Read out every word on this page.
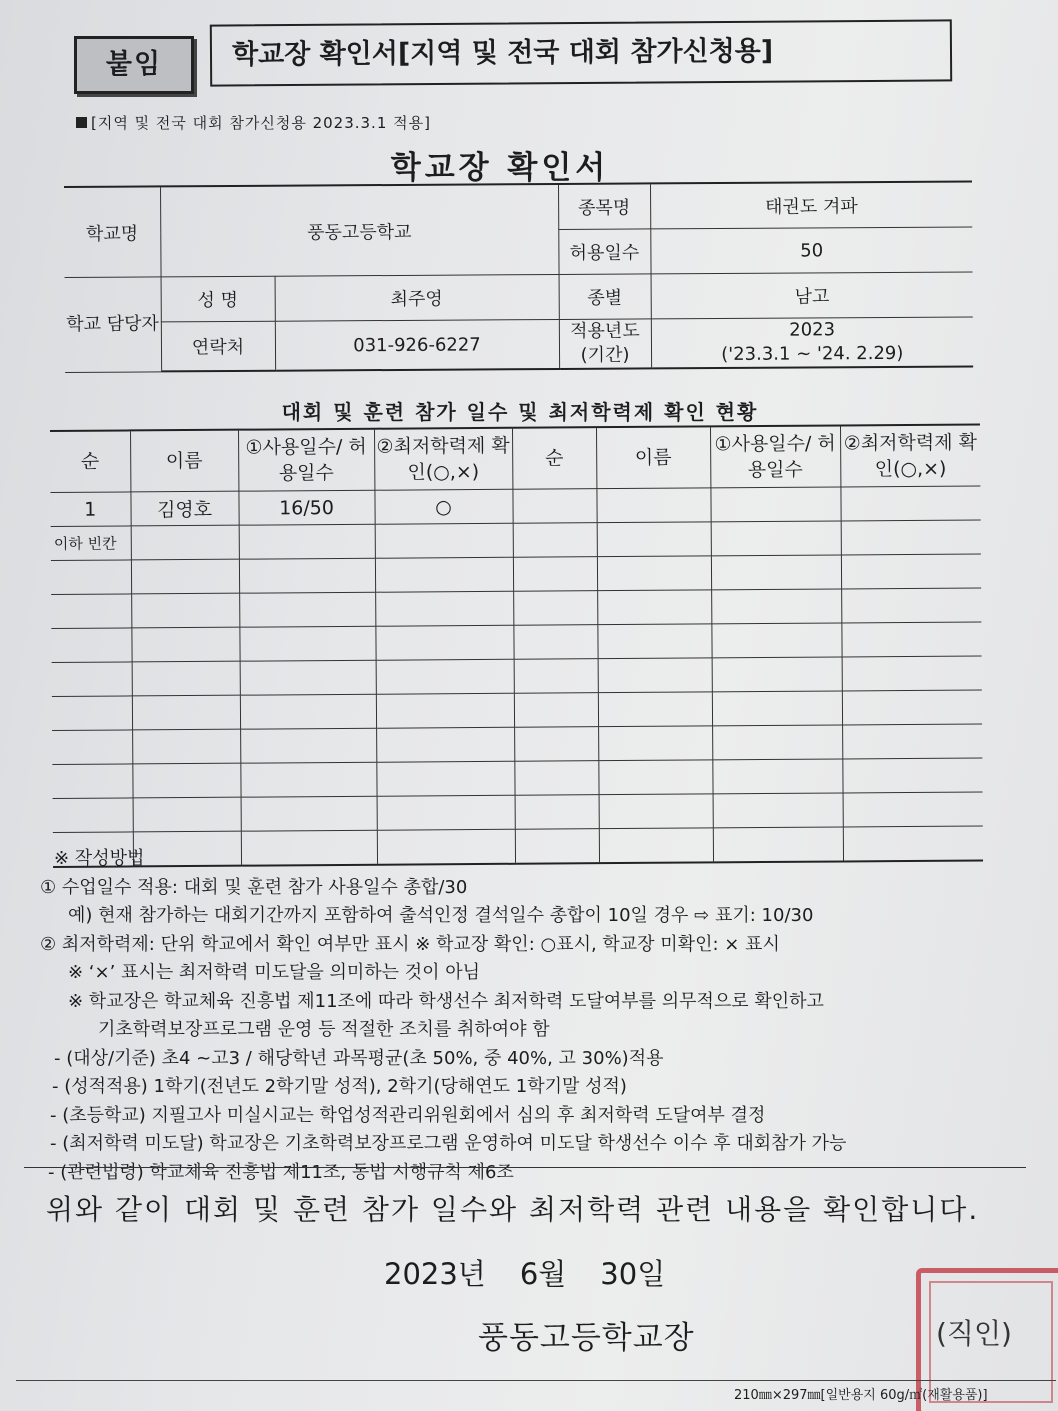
붙임	학교장 확인서[지역 및 전국 대회 참가신청용]
[지역 및 전국 대회 참가신청용 2023.3.1 적용]
학교장 확인서
학교명	풍동고등학교		종목명	태권도 겨파
			허용일수	50
학교 담당자	성 명	최주영	종별	남고
	연락처	031-926-6227	적용년도 (기간)	2023
('23.3.1 ~ '24. 2.29)
대회 및 훈련 참가 일수 및 최저학력제 확인 현황
순	이름	①사용일수/ 허용일수	②최저학력제 확인(○,×)	순	이름	①사용일수/ 허용일수	②최저학력제 확인(○,×)
1	김영호	16/50	○				
이하 빈칸							

※ 작성방법
① 수업일수 적용: 대회 및 훈련 참가 사용일수 총합/30
예) 현재 참가하는 대회기간까지 포함하여 출석인정 결석일수 총합이 10일 경우 ⇨ 표기: 10/30
② 최저학력제: 단위 학교에서 확인 여부만 표시 ※ 학교장 확인: ○표시, 학교장 미확인: × 표시
※ ‘×’ 표시는 최저학력 미도달을 의미하는 것이 아님
※ 학교장은 학교체육 진흥법 제11조에 따라 학생선수 최저학력 도달여부를 의무적으로 확인하고
기초학력보장프로그램 운영 등 적절한 조치를 취하여야 함
- (대상/기준) 초4 ~고3 / 해당학년 과목평균(초 50%, 중 40%, 고 30%)적용
- (성적적용) 1학기(전년도 2학기말 성적), 2학기(당해연도 1학기말 성적)
- (초등학교) 지필고사 미실시교는 학업성적관리위원회에서 심의 후 최저학력 도달여부 결정
- (최저학력 미도달) 학교장은 기초학력보장프로그램 운영하여 미도달 학생선수 이수 후 대회참가 가능
- (관련법령) 학교체육 진흥법 제11조, 동법 시행규칙 제6조
위와 같이 대회 및 훈련 참가 일수와 최저학력 관련 내용을 확인합니다.
2023년 6월 30일
풍동고등학교장	(직인)
210㎜×297㎜[일반용지 60g/㎡(재활용품)]
